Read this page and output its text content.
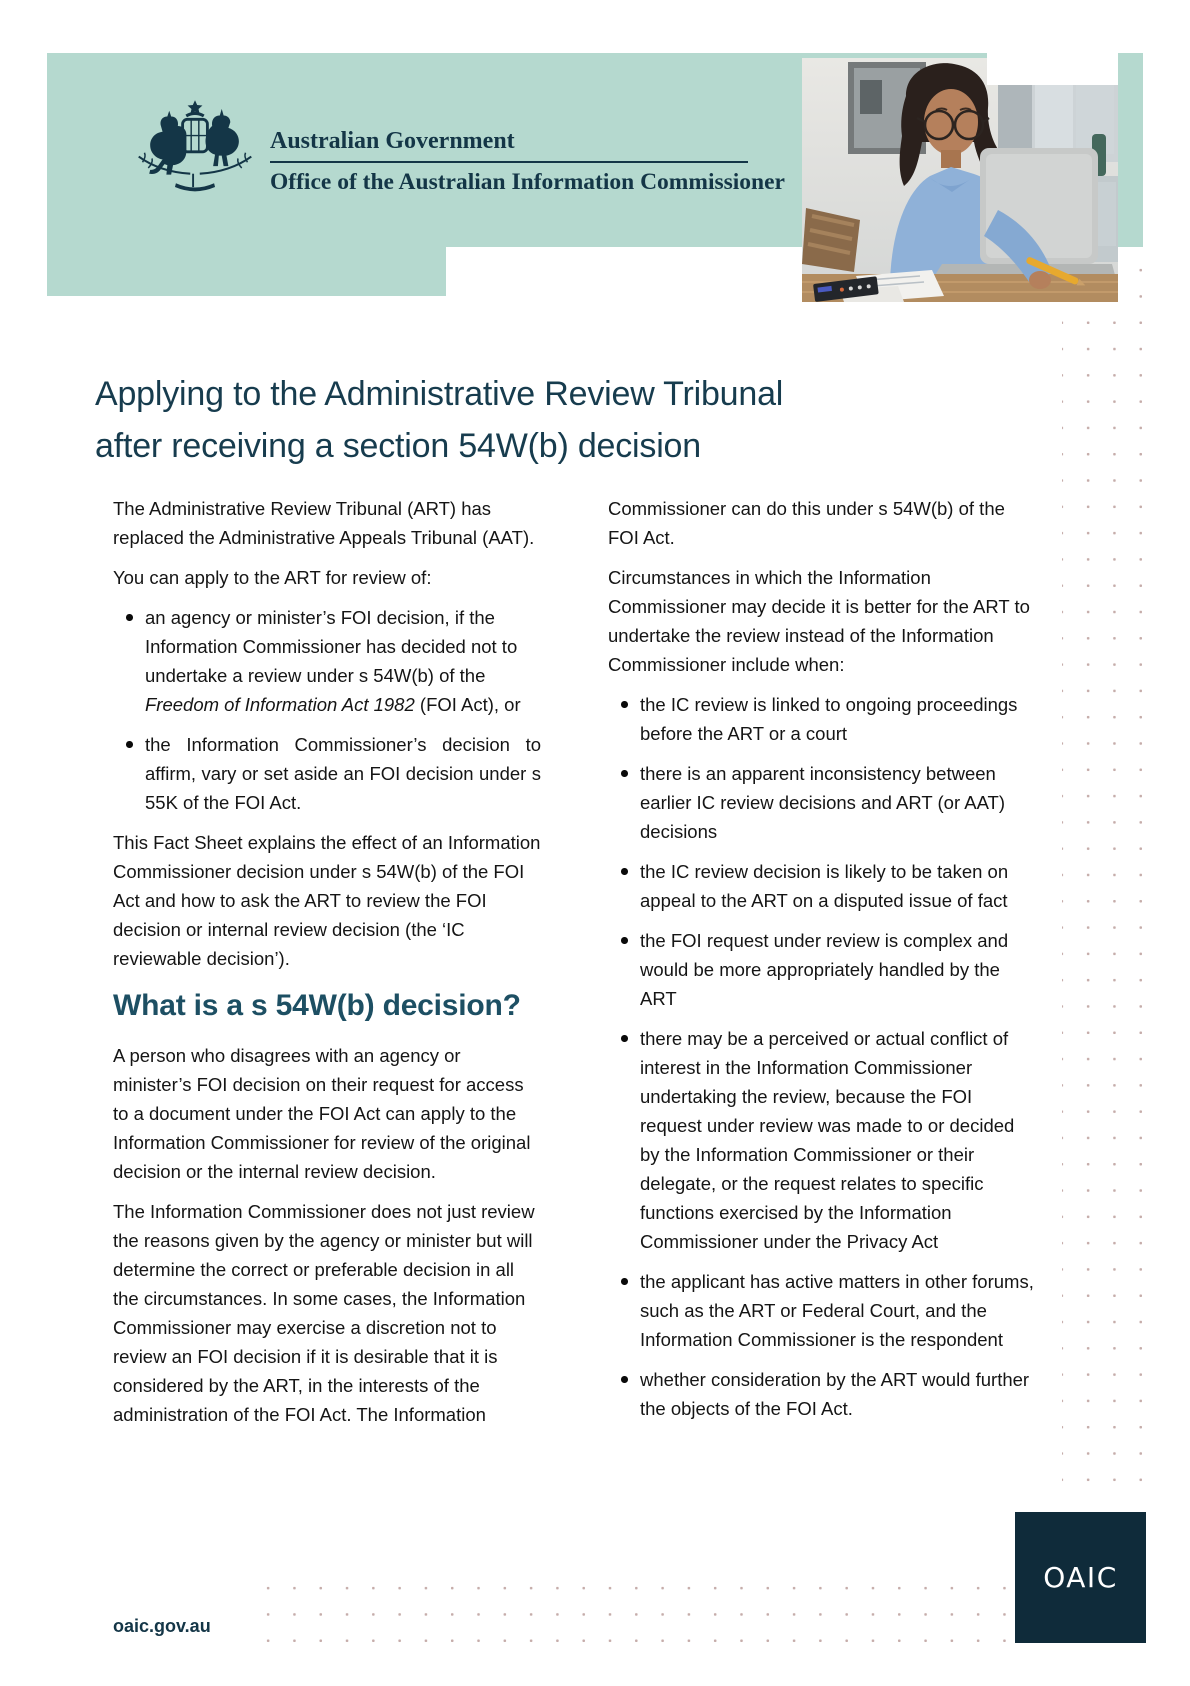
Australian Government
Office of the Australian Information Commissioner
Applying to the Administrative Review Tribunal
after receiving a section 54W(b) decision

The Administrative Review Tribunal (ART) has replaced the Administrative Appeals Tribunal (AAT).

You can apply to the ART for review of:

an agency or minister’s FOI decision, if the Information Commissioner has decided not to undertake a review under s 54W(b) of the Freedom of Information Act 1982 (FOI Act), or
the Information Commissioner’s decision to affirm, vary or set aside an FOI decision under s 55K of the FOI Act.

This Fact Sheet explains the effect of an Information Commissioner decision under s 54W(b) of the FOI Act and how to ask the ART to review the FOI decision or internal review decision (the ‘IC reviewable decision’).

What is a s 54W(b) decision?

A person who disagrees with an agency or minister’s FOI decision on their request for access to a document under the FOI Act can apply to the Information Commissioner for review of the original decision or the internal review decision.

The Information Commissioner does not just review the reasons given by the agency or minister but will determine the correct or preferable decision in all the circumstances. In some cases, the Information Commissioner may exercise a discretion not to review an FOI decision if it is desirable that it is considered by the ART, in the interests of the administration of the FOI Act. The Information

Commissioner can do this under s 54W(b) of the FOI Act.

Circumstances in which the Information Commissioner may decide it is better for the ART to undertake the review instead of the Information Commissioner include when:

the IC review is linked to ongoing proceedings before the ART or a court
there is an apparent inconsistency between earlier IC review decisions and ART (or AAT) decisions
the IC review decision is likely to be taken on appeal to the ART on a disputed issue of fact
the FOI request under review is complex and would be more appropriately handled by the ART
there may be a perceived or actual conflict of interest in the Information Commissioner undertaking the review, because the FOI request under review was made to or decided by the Information Commissioner or their delegate, or the request relates to specific functions exercised by the Information Commissioner under the Privacy Act
the applicant has active matters in other forums, such as the ART or Federal Court, and the Information Commissioner is the respondent
whether consideration by the ART would further the objects of the FOI Act.
oaic.gov.au
OAIC
